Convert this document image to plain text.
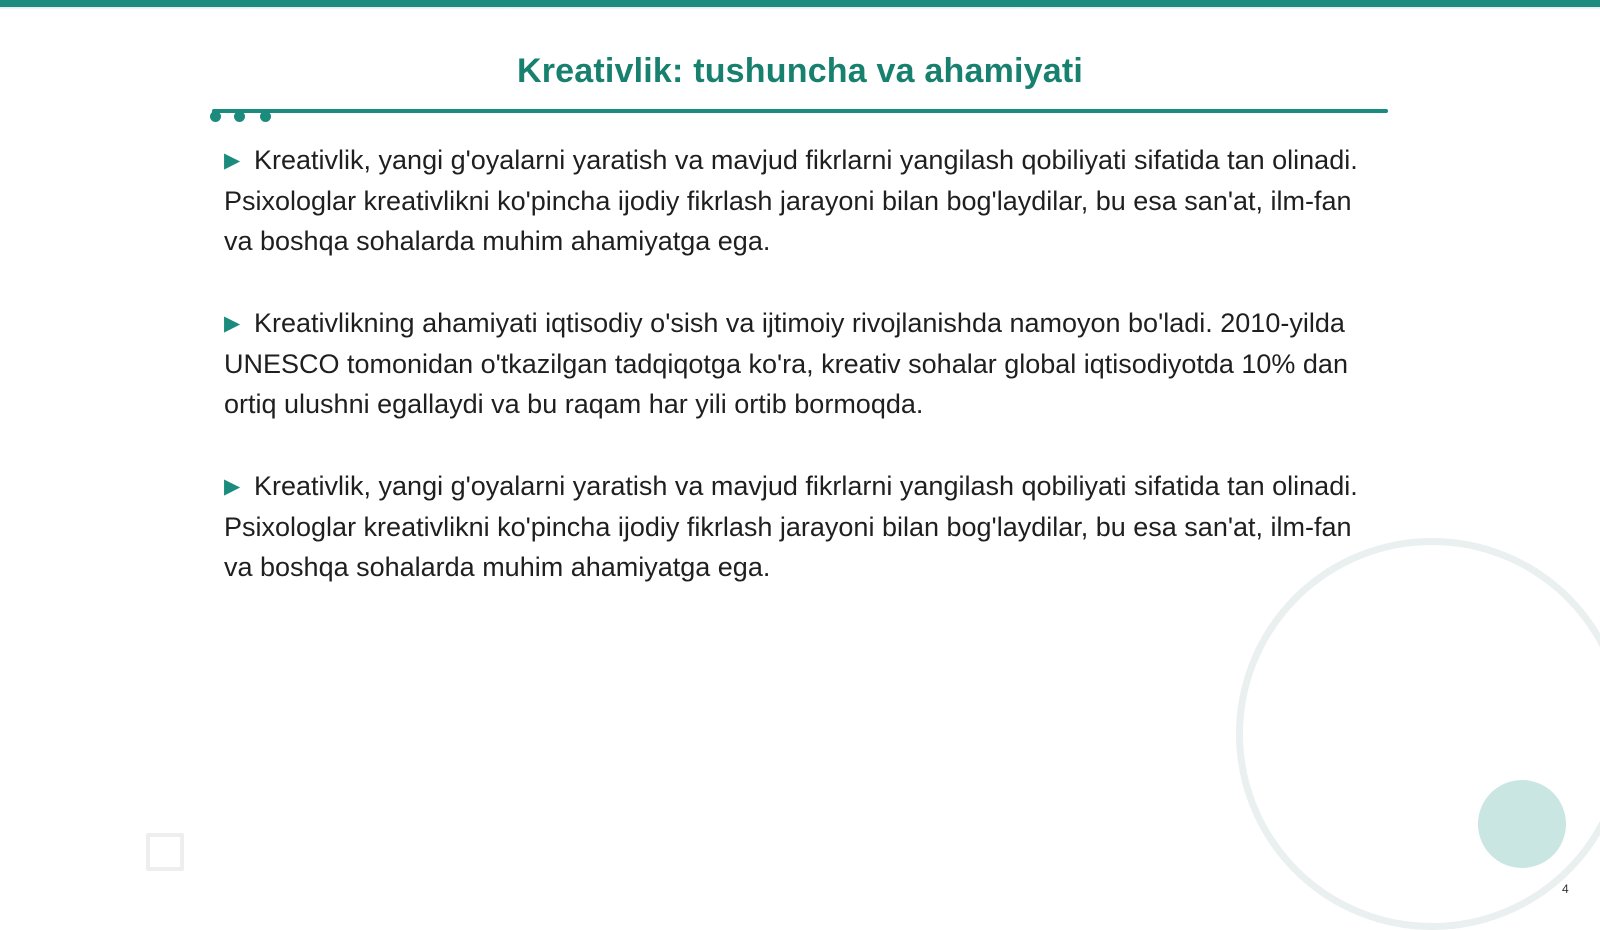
Kreativlik: tushuncha va ahamiyati

▶ Kreativlik, yangi g'oyalarni yaratish va mavjud fikrlarni yangilash qobiliyati sifatida tan olinadi. Psixologlar kreativlikni ko'pincha ijodiy fikrlash jarayoni bilan bog'laydilar, bu esa san'at, ilm-fan va boshqa sohalarda muhim ahamiyatga ega.

▶ Kreativlikning ahamiyati iqtisodiy o'sish va ijtimoiy rivojlanishda namoyon bo'ladi. 2010-yilda UNESCO tomonidan o'tkazilgan tadqiqotga ko'ra, kreativ sohalar global iqtisodiyotda 10% dan ortiq ulushni egallaydi va bu raqam har yili ortib bormoqda.

▶ Kreativlik, yangi g'oyalarni yaratish va mavjud fikrlarni yangilash qobiliyati sifatida tan olinadi. Psixologlar kreativlikni ko'pincha ijodiy fikrlash jarayoni bilan bog'laydilar, bu esa san'at, ilm-fan va boshqa sohalarda muhim ahamiyatga ega.

4
